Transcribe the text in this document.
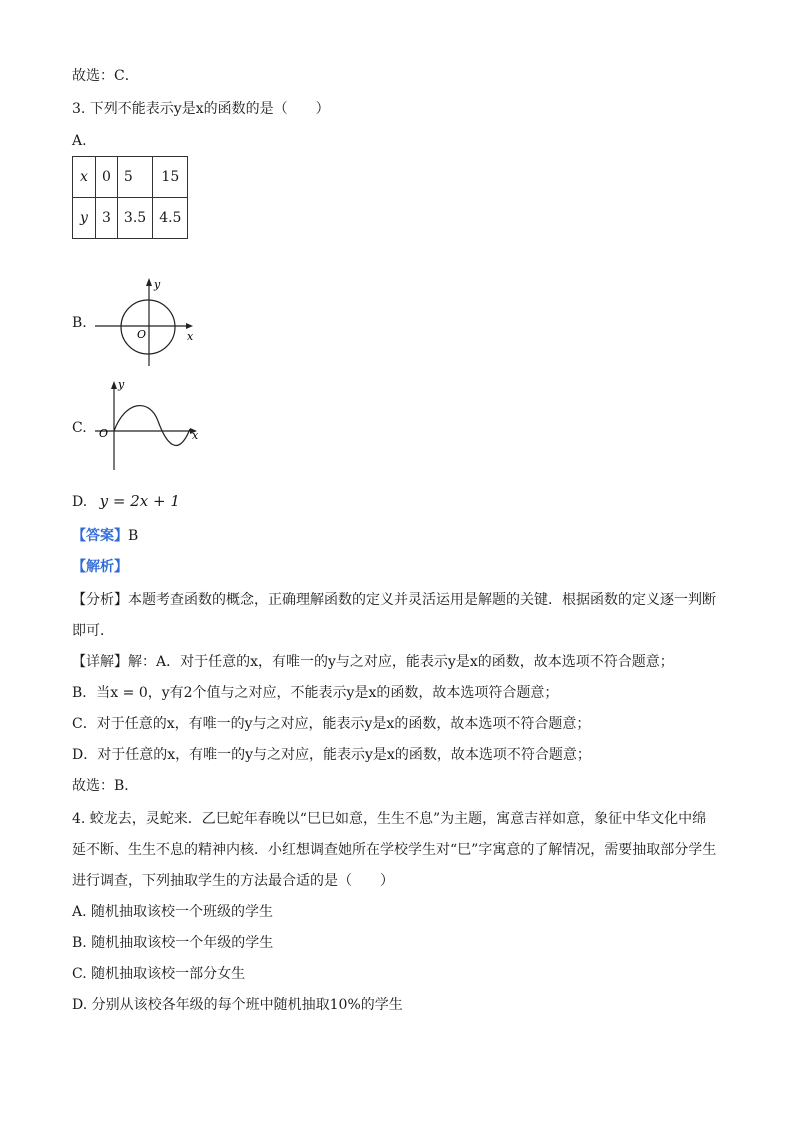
故选：C．
3. 下列不能表示y是x的函数的是（　　）
A.
x	0	5	15
y	3	3.5	4.5
B.
y
x
O
C.
y
x
O
D. y = 2x + 1
【答案】B
【解析】
【分析】本题考查函数的概念，正确理解函数的定义并灵活运用是解题的关键．根据函数的定义逐一判断即可．
【详解】解：A．对于任意的x，有唯一的y与之对应，能表示y是x的函数，故本选项不符合题意；
B．当x = 0，y有2个值与之对应，不能表示y是x的函数，故本选项符合题意；
C．对于任意的x，有唯一的y与之对应，能表示y是x的函数，故本选项不符合题意；
D．对于任意的x，有唯一的y与之对应，能表示y是x的函数，故本选项不符合题意；
故选：B．
4. 蛟龙去，灵蛇来．乙巳蛇年春晚以“巳巳如意，生生不息”为主题，寓意吉祥如意，象征中华文化中绵延不断、生生不息的精神内核．小红想调查她所在学校学生对“巳”字寓意的了解情况，需要抽取部分学生进行调查，下列抽取学生的方法最合适的是（　　）
A. 随机抽取该校一个班级的学生
B. 随机抽取该校一个年级的学生
C. 随机抽取该校一部分女生
D. 分别从该校各年级的每个班中随机抽取10%的学生
